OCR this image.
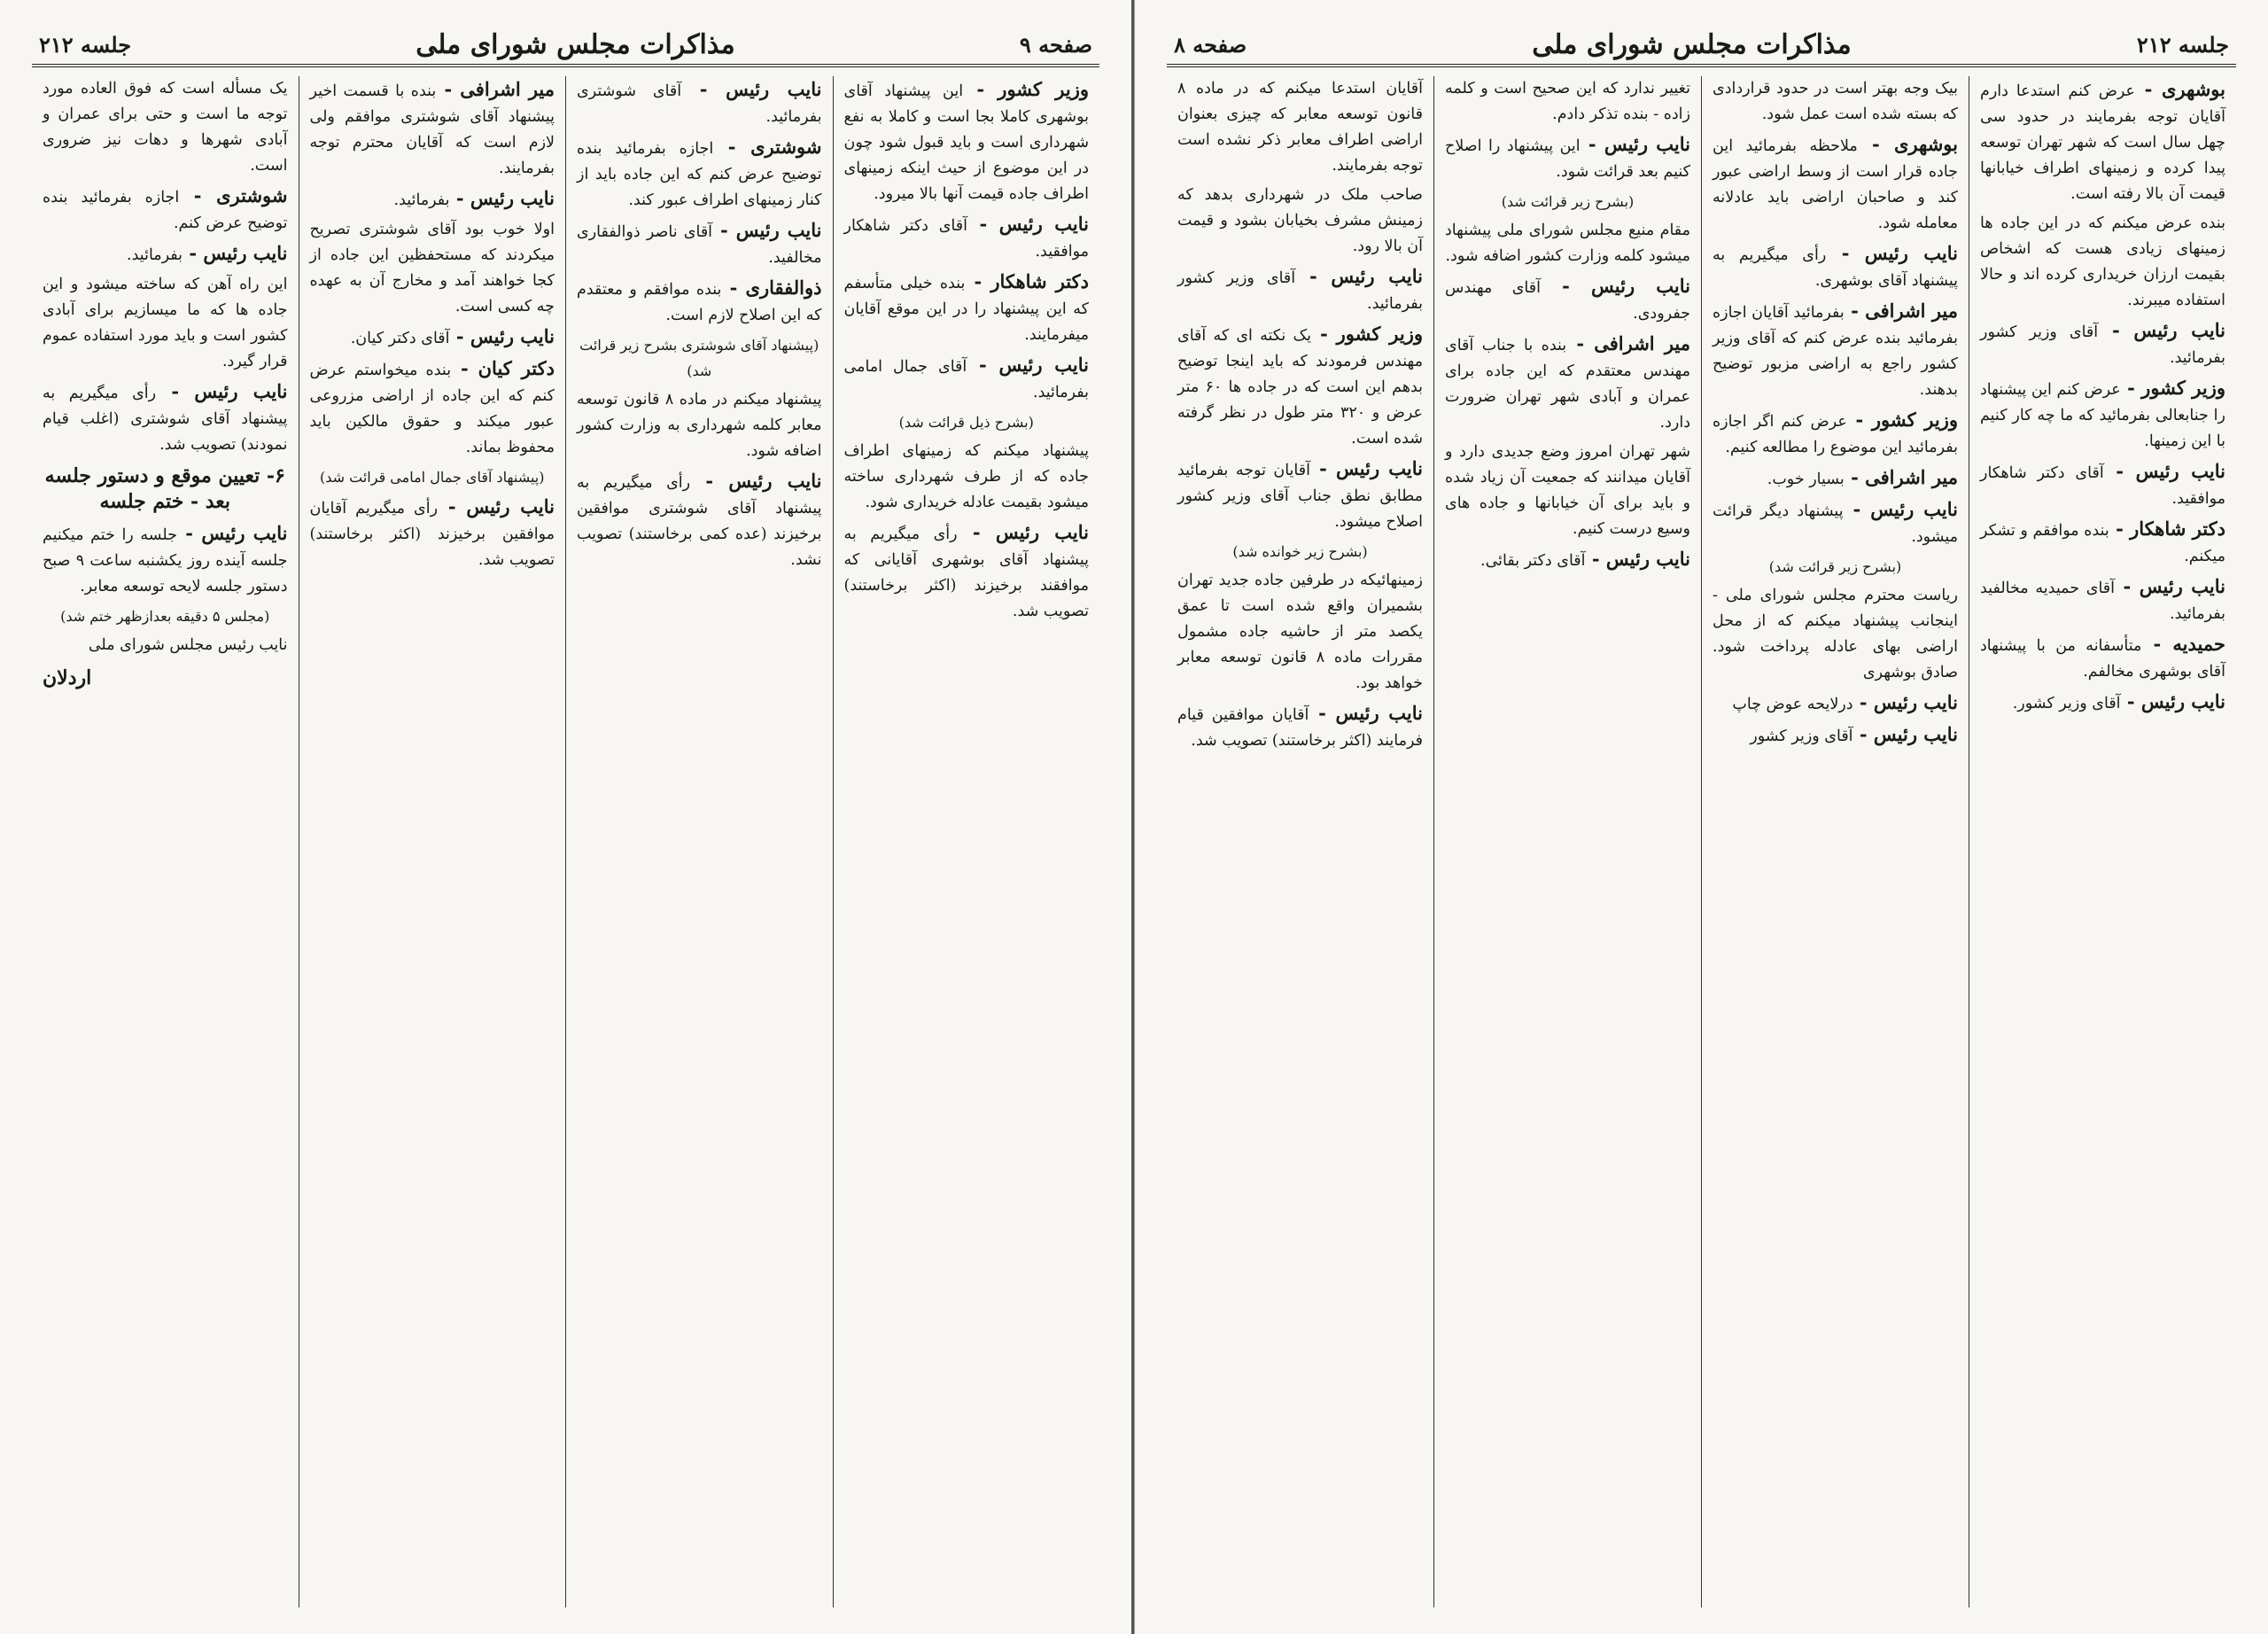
صفحه ۹
مذاکرات مجلس شورای ملی
جلسه ۲۱۲

وزیر کشور - این پیشنهاد آقای بوشهری کاملا بجا است و کاملا به نفع شهرداری است و باید قبول شود چون در این موضوع از حیث اینکه زمینهای اطراف جاده قیمت آنها بالا میرود.

نایب رئیس - آقای دکتر شاهکار موافقید.

دکتر شاهکار - بنده خیلی متأسفم که این پیشنهاد را در این موقع آقایان میفرمایند.

نایب رئیس - آقای جمال امامی بفرمائید.

(بشرح ذیل قرائت شد)

پیشنهاد میکنم که زمینهای اطراف جاده که از طرف شهرداری ساخته میشود بقیمت عادله خریداری شود.

نایب رئیس - رأی میگیریم به پیشنهاد آقای بوشهری آقایانی که موافقند برخیزند (اکثر برخاستند) تصویب شد.

نایب رئیس - آقای شوشتری بفرمائید.

شوشتری - اجازه بفرمائید بنده توضیح عرض کنم که این جاده باید از کنار زمینهای اطراف عبور کند.

نایب رئیس - آقای ناصر ذوالفقاری مخالفید.

ذوالفقاری - بنده موافقم و معتقدم که این اصلاح لازم است.

(پیشنهاد آقای شوشتری بشرح زیر قرائت شد)

پیشنهاد میکنم در ماده ۸ قانون توسعه معابر کلمه شهرداری به وزارت کشور اضافه شود.

نایب رئیس - رأی میگیریم به پیشنهاد آقای شوشتری موافقین برخیزند (عده کمی برخاستند) تصویب نشد.

میر اشرافی - بنده با قسمت اخیر پیشنهاد آقای شوشتری موافقم ولی لازم است که آقایان محترم توجه بفرمایند.

نایب رئیس - بفرمائید.

اولا خوب بود آقای شوشتری تصریح میکردند که مستحفظین این جاده از کجا خواهند آمد و مخارج آن به عهده چه کسی است.

نایب رئیس - آقای دکتر کیان.

دکتر کیان - بنده میخواستم عرض کنم که این جاده از اراضی مزروعی عبور میکند و حقوق مالکین باید محفوظ بماند.

(پیشنهاد آقای جمال امامی قرائت شد)

نایب رئیس - رأی میگیریم آقایان موافقین برخیزند (اکثر برخاستند) تصویب شد.

یک مسأله است که فوق العاده مورد توجه ما است و حتی برای عمران و آبادی شهرها و دهات نیز ضروری است.

شوشتری - اجازه بفرمائید بنده توضیح عرض کنم.

نایب رئیس - بفرمائید.

این راه آهن که ساخته میشود و این جاده ها که ما میسازیم برای آبادی کشور است و باید مورد استفاده عموم قرار گیرد.

نایب رئیس - رأی میگیریم به پیشنهاد آقای شوشتری (اغلب قیام نمودند) تصویب شد.

۶- تعیین موقع و دستور جلسه بعد - ختم جلسه

نایب رئیس - جلسه را ختم میکنیم جلسه آینده روز یکشنبه ساعت ۹ صبح دستور جلسه لایحه توسعه معابر.

(مجلس ۵ دقیقه بعدازظهر ختم شد)

نایب رئیس مجلس شورای ملی

اردلان
جلسه ۲۱۲
مذاکرات مجلس شورای ملی
صفحه ۸

بوشهری - عرض کنم استدعا دارم آقایان توجه بفرمایند در حدود سی چهل سال است که شهر تهران توسعه پیدا کرده و زمینهای اطراف خیابانها قیمت آن بالا رفته است.

بنده عرض میکنم که در این جاده ها زمینهای زیادی هست که اشخاص بقیمت ارزان خریداری کرده اند و حالا استفاده میبرند.

نایب رئیس - آقای وزیر کشور بفرمائید.

وزیر کشور - عرض کنم این پیشنهاد را جنابعالی بفرمائید که ما چه کار کنیم با این زمینها.

نایب رئیس - آقای دکتر شاهکار موافقید.

دکتر شاهکار - بنده موافقم و تشکر میکنم.

نایب رئیس - آقای حمیدیه مخالفید بفرمائید.

حمیدیه - متأسفانه من با پیشنهاد آقای بوشهری مخالفم.

نایب رئیس - آقای وزیر کشور.

بیک وجه بهتر است در حدود قراردادی که بسته شده است عمل شود.

بوشهری - ملاحظه بفرمائید این جاده قرار است از وسط اراضی عبور کند و صاحبان اراضی باید عادلانه معامله شود.

نایب رئیس - رأی میگیریم به پیشنهاد آقای بوشهری.

میر اشرافی - بفرمائید آقایان اجازه بفرمائید بنده عرض کنم که آقای وزیر کشور راجع به اراضی مزبور توضیح بدهند.

وزیر کشور - عرض کنم اگر اجازه بفرمائید این موضوع را مطالعه کنیم.

میر اشرافی - بسیار خوب.

نایب رئیس - پیشنهاد دیگر قرائت میشود.

(بشرح زیر قرائت شد)

ریاست محترم مجلس شورای ملی - اینجانب پیشنهاد میکنم که از محل اراضی بهای عادله پرداخت شود. صادق بوشهری

نایب رئیس - درلایحه عوض چاپ

نایب رئیس - آقای وزیر کشور

تغییر ندارد که این صحیح است و کلمه زاده - بنده تذکر دادم.

نایب رئیس - این پیشنهاد را اصلاح کنیم بعد قرائت شود.

(بشرح زیر قرائت شد)

مقام منیع مجلس شورای ملی پیشنهاد میشود کلمه وزارت کشور اضافه شود.

نایب رئیس - آقای مهندس جفرودی.

میر اشرافی - بنده با جناب آقای مهندس معتقدم که این جاده برای عمران و آبادی شهر تهران ضرورت دارد.

شهر تهران امروز وضع جدیدی دارد و آقایان میدانند که جمعیت آن زیاد شده و باید برای آن خیابانها و جاده های وسیع درست کنیم.

نایب رئیس - آقای دکتر بقائی.

آقایان استدعا میکنم که در ماده ۸ قانون توسعه معابر که چیزی بعنوان اراضی اطراف معابر ذکر نشده است توجه بفرمایند.

صاحب ملک در شهرداری بدهد که زمینش مشرف بخیابان بشود و قیمت آن بالا رود.

نایب رئیس - آقای وزیر کشور بفرمائید.

وزیر کشور - یک نکته ای که آقای مهندس فرمودند که باید اینجا توضیح بدهم این است که در جاده ها ۶۰ متر عرض و ۳۲۰ متر طول در نظر گرفته شده است.

نایب رئیس - آقایان توجه بفرمائید مطابق نطق جناب آقای وزیر کشور اصلاح میشود.

(بشرح زیر خوانده شد)

زمینهائیکه در طرفین جاده جدید تهران بشمیران واقع شده است تا عمق یکصد متر از حاشیه جاده مشمول مقررات ماده ۸ قانون توسعه معابر خواهد بود.

نایب رئیس - آقایان موافقین قیام فرمایند (اکثر برخاستند) تصویب شد.
